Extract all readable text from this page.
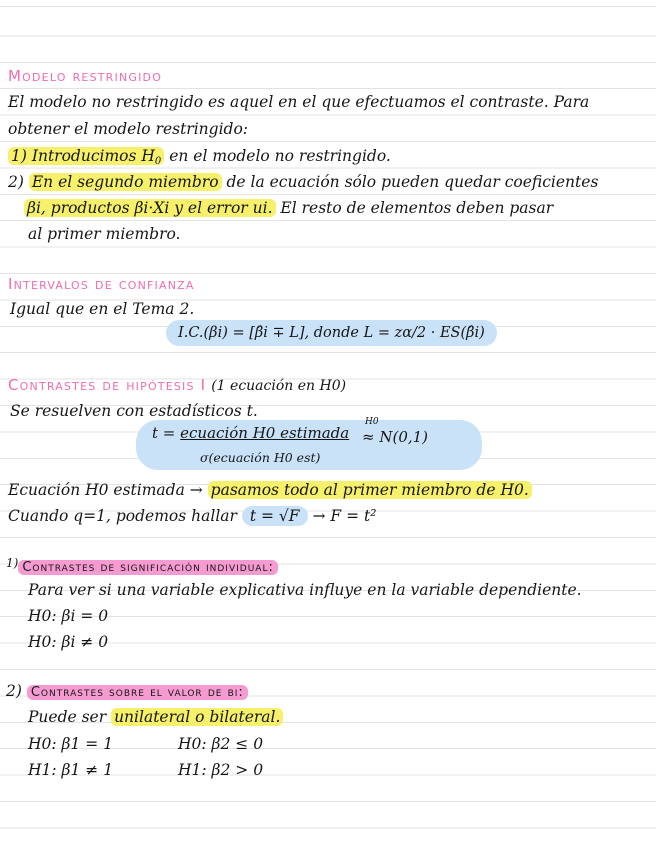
Modelo restringido
El modelo no restringido es aquel en el que efectuamos el contraste. Para
obtener el modelo restringido:
1) Introducimos $H_0$ en el modelo no restringido.
2) En el segundo miembro de la ecuación sólo pueden quedar coeficientes
βi, productos βi·Xi y el error ui. El resto de elementos deben pasar
al primer miembro.
Intervalos de confianza
Igual que en el Tema 2.
I.C.(βi) = [β̂i ∓ L], donde L = zα/2 · ES(β̂i)
Contrastes de hipótesis I (1 ecuación en H0)
Se resuelven con estadísticos t.
t = ecuación H0 estimada
σ(ecuación H0 est)
≈ N(0,1)
H0
Ecuación H0 estimada → pasamos todo al primer miembro de H0.
Cuando q=1, podemos hallar t = √F → F = t²
$^{1)}$ Contrastes de significación individual:
Para ver si una variable explicativa influye en la variable dependiente.
H0: βi = 0
H0: βi ≠ 0
2) Contrastes sobre el valor de βi:
Puede ser unilateral o bilateral.
H0: β1 = 1
H1: β1 ≠ 1
H0: β2 ≤ 0
H1: β2 > 0
